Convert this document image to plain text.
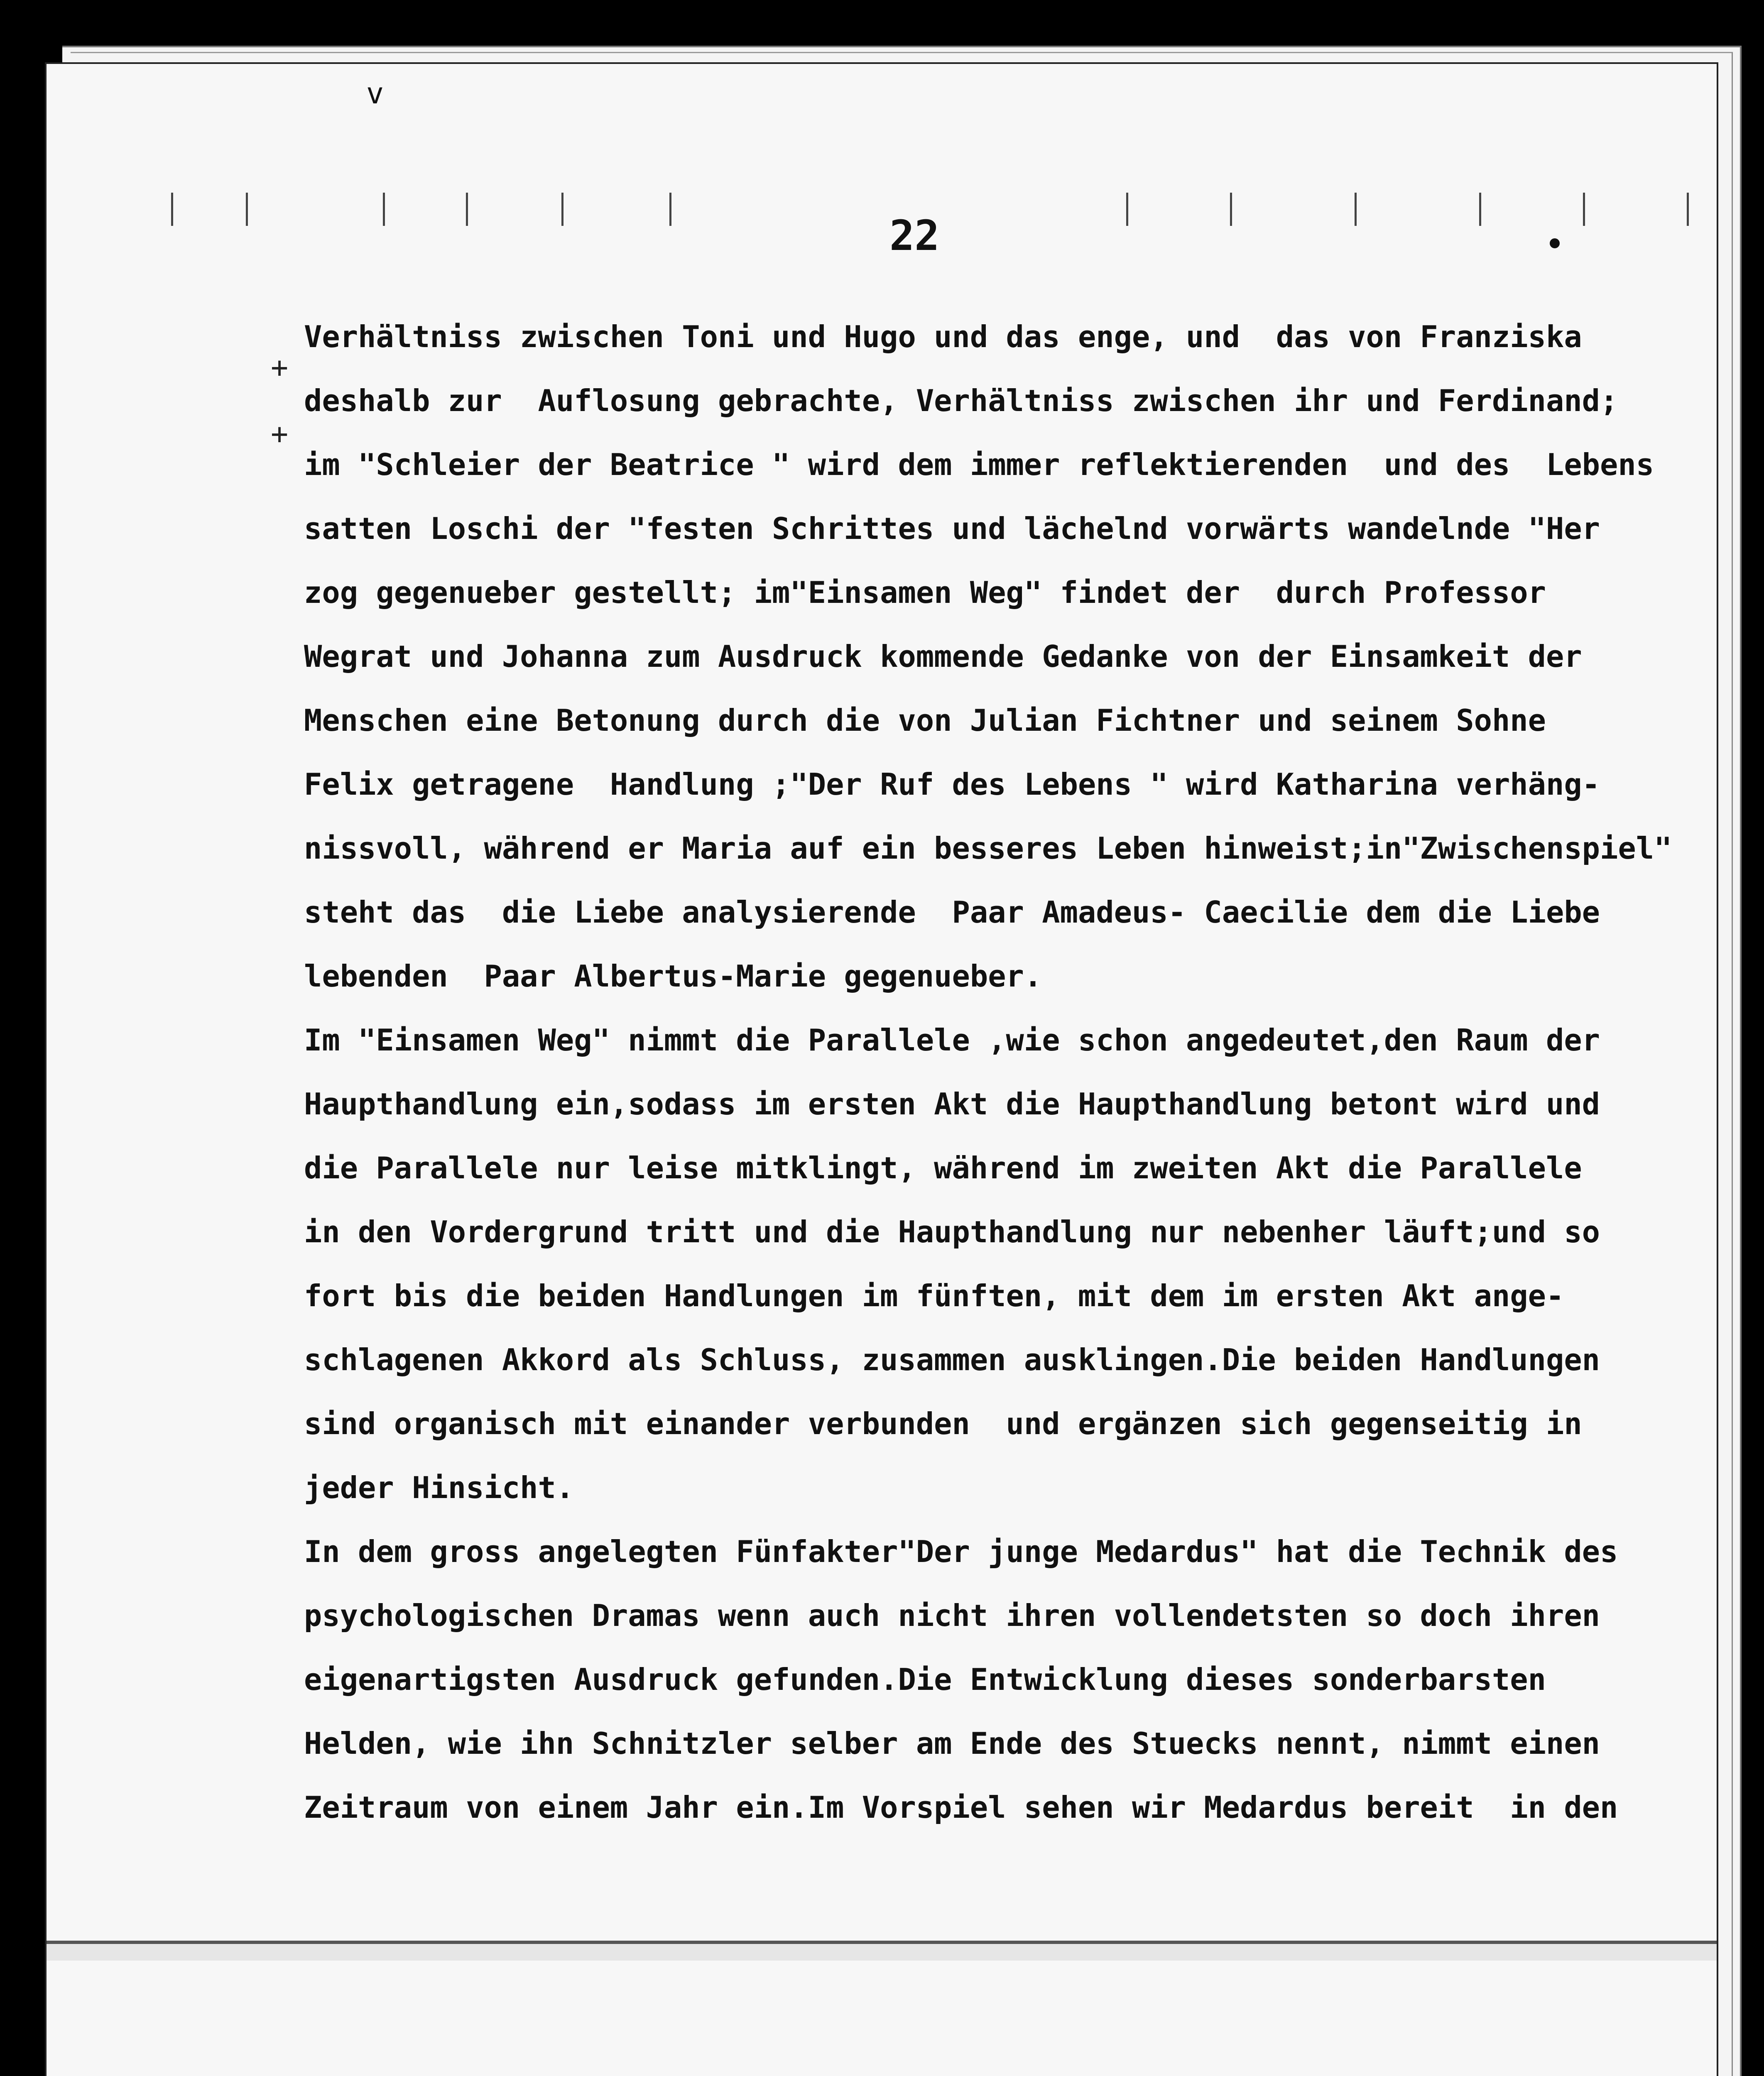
v
22
+
+
Verhältniss zwischen Toni und Hugo und das enge, und  das von Franziska
deshalb zur  Auflosung gebrachte, Verhältniss zwischen ihr und Ferdinand;
im "Schleier der Beatrice " wird dem immer reflektierenden  und des  Lebens
satten Loschi der "festen Schrittes und lächelnd vorwärts wandelnde "Her
zog gegenueber gestellt; im"Einsamen Weg" findet der  durch Professor
Wegrat und Johanna zum Ausdruck kommende Gedanke von der Einsamkeit der
Menschen eine Betonung durch die von Julian Fichtner und seinem Sohne
Felix getragene  Handlung ;"Der Ruf des Lebens " wird Katharina verhäng-
nissvoll, während er Maria auf ein besseres Leben hinweist;in"Zwischenspiel"
steht das  die Liebe analysierende  Paar Amadeus- Caecilie dem die Liebe
lebenden  Paar Albertus-Marie gegenueber.
Im "Einsamen Weg" nimmt die Parallele ,wie schon angedeutet,den Raum der
Haupthandlung ein,sodass im ersten Akt die Haupthandlung betont wird und
die Parallele nur leise mitklingt, während im zweiten Akt die Parallele
in den Vordergrund tritt und die Haupthandlung nur nebenher läuft;und so
fort bis die beiden Handlungen im fünften, mit dem im ersten Akt ange-
schlagenen Akkord als Schluss, zusammen ausklingen.Die beiden Handlungen
sind organisch mit einander verbunden  und ergänzen sich gegenseitig in
jeder Hinsicht.
In dem gross angelegten Fünfakter"Der junge Medardus" hat die Technik des
psychologischen Dramas wenn auch nicht ihren vollendetsten so doch ihren
eigenartigsten Ausdruck gefunden.Die Entwicklung dieses sonderbarsten
Helden, wie ihn Schnitzler selber am Ende des Stuecks nennt, nimmt einen
Zeitraum von einem Jahr ein.Im Vorspiel sehen wir Medardus bereit  in den
